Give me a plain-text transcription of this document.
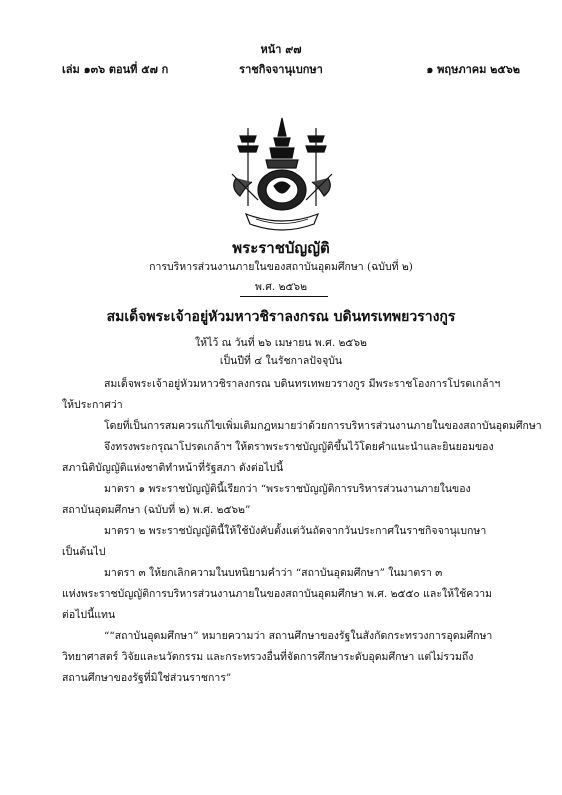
หน้า ๙๗
เล่ม ๑๓๖ ตอนที่ ๕๗ ก	ราชกิจจานุเบกษา	๑ พฤษภาคม ๒๕๖๒
พระราชบัญญัติ
การบริหารส่วนงานภายในของสถาบันอุดมศึกษา (ฉบับที่ ๒)
พ.ศ. ๒๕๖๒
สมเด็จพระเจ้าอยู่หัวมหาวชิราลงกรณ บดินทรเทพยวรางกูร
ให้ไว้ ณ วันที่ ๒๖ เมษายน พ.ศ. ๒๕๖๒
เป็นปีที่ ๔ ในรัชกาลปัจจุบัน
สมเด็จพระเจ้าอยู่หัวมหาวชิราลงกรณ บดินทรเทพยวรางกูร มีพระราชโองการโปรดเกล้าฯ
ให้ประกาศว่า
โดยที่เป็นการสมควรแก้ไขเพิ่มเติมกฎหมายว่าด้วยการบริหารส่วนงานภายในของสถาบันอุดมศึกษา
จึงทรงพระกรุณาโปรดเกล้าฯ ให้ตราพระราชบัญญัติขึ้นไว้โดยคำแนะนำและยินยอมของ
สภานิติบัญญัติแห่งชาติทำหน้าที่รัฐสภา ดังต่อไปนี้
มาตรา ๑ พระราชบัญญัตินี้เรียกว่า “พระราชบัญญัติการบริหารส่วนงานภายในของ
สถาบันอุดมศึกษา (ฉบับที่ ๒) พ.ศ. ๒๕๖๒”
มาตรา ๒ พระราชบัญญัตินี้ให้ใช้บังคับตั้งแต่วันถัดจากวันประกาศในราชกิจจานุเบกษา
เป็นต้นไป
มาตรา ๓ ให้ยกเลิกความในบทนิยามคำว่า “สถาบันอุดมศึกษา” ในมาตรา ๓
แห่งพระราชบัญญัติการบริหารส่วนงานภายในของสถาบันอุดมศึกษา พ.ศ. ๒๕๕๐ และให้ใช้ความ
ต่อไปนี้แทน
““สถาบันอุดมศึกษา” หมายความว่า สถานศึกษาของรัฐในสังกัดกระทรวงการอุดมศึกษา
วิทยาศาสตร์ วิจัยและนวัตกรรม และกระทรวงอื่นที่จัดการศึกษาระดับอุดมศึกษา แต่ไม่รวมถึง
สถานศึกษาของรัฐที่มิใช่ส่วนราชการ”
